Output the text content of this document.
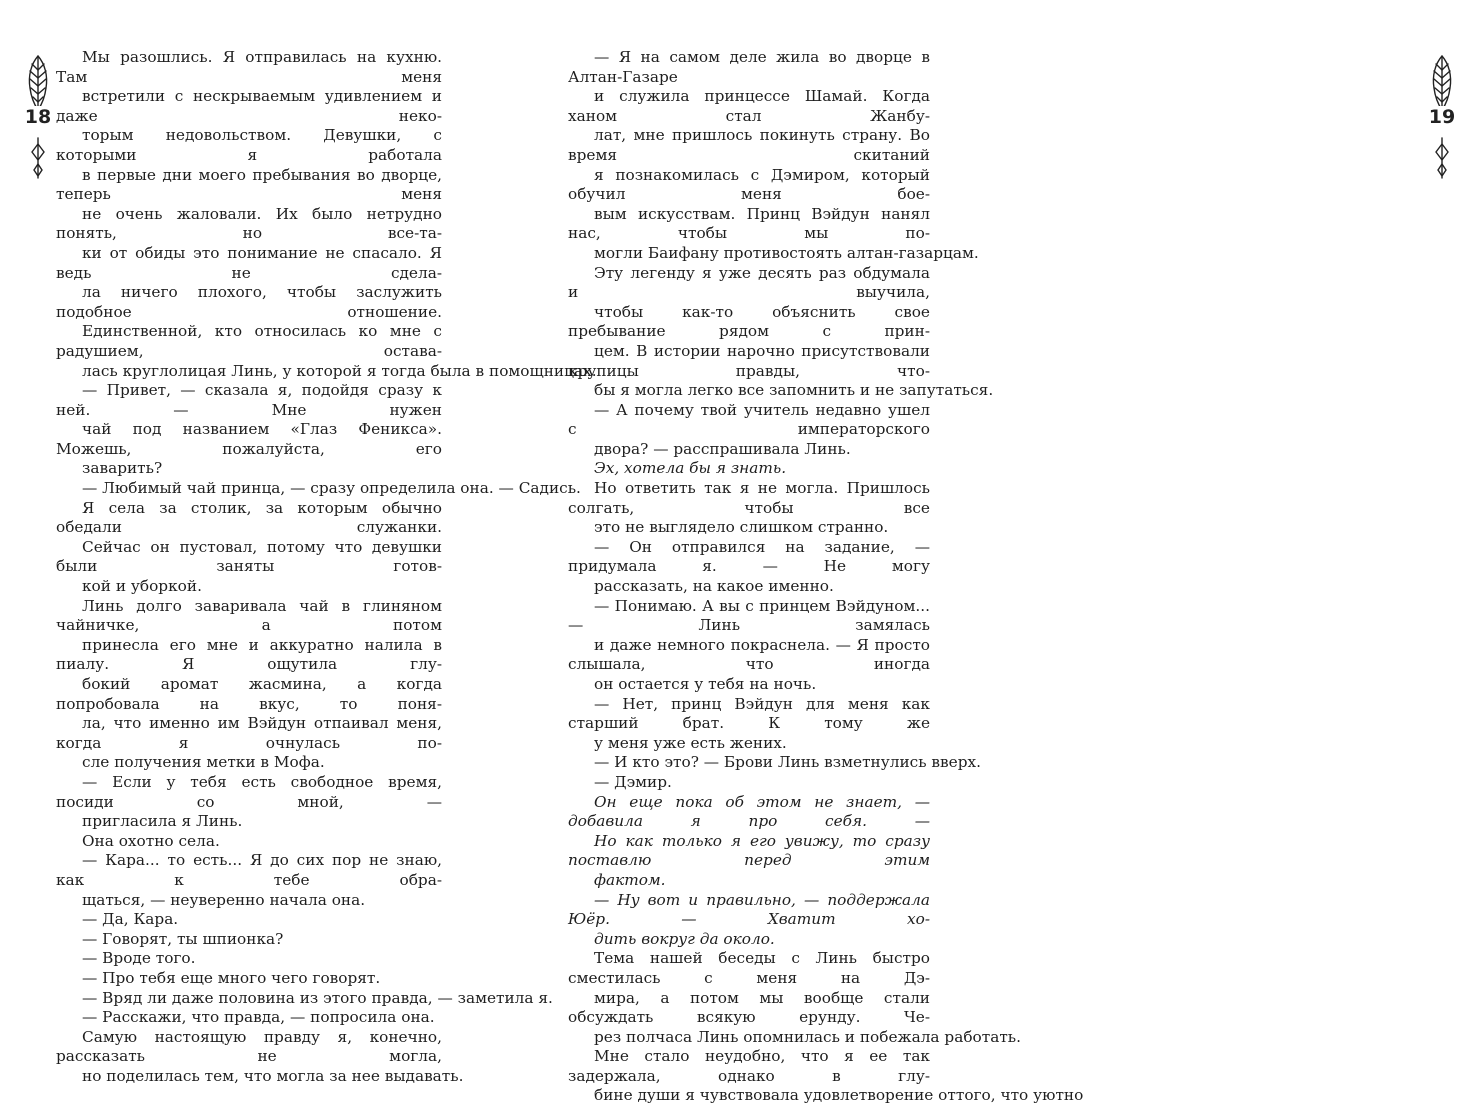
18

Мы разошлись. Я отправилась на кухню. Там меня
встретили с нескрываемым удивлением и даже неко-
торым недовольством. Девушки, с которыми я работала
в первые дни моего пребывания во дворце, теперь меня
не очень жаловали. Их было нетрудно понять, но все-та-
ки от обиды это понимание не спасало. Я ведь не сдела-
ла ничего плохого, чтобы заслужить подобное отношение.
Единственной, кто относилась ко мне с радушием, остава-
лась круглолицая Линь, у которой я тогда была в помощницах.

— Привет, — сказала я, подойдя сразу к ней. — Мне нужен
чай под названием «Глаз Феникса». Можешь, пожалуйста, его
заварить?

— Любимый чай принца, — сразу определила она. — Садись.

Я села за столик, за которым обычно обедали служанки.
Сейчас он пустовал, потому что девушки были заняты готов-
кой и уборкой.

Линь долго заваривала чай в глиняном чайничке, а потом
принесла его мне и аккуратно налила в пиалу. Я ощутила глу-
бокий аромат жасмина, а когда попробовала на вкус, то поня-
ла, что именно им Вэйдун отпаивал меня, когда я очнулась по-
сле получения метки в Мофа.

— Если у тебя есть свободное время, посиди со мной, —
пригласила я Линь.

Она охотно села.

— Кара... то есть... Я до сих пор не знаю, как к тебе обра-
щаться, — неуверенно начала она.

— Да, Кара.

— Говорят, ты шпионка?

— Вроде того.

— Про тебя еще много чего говорят.

— Вряд ли даже половина из этого правда, — заметила я.

— Расскажи, что правда, — попросила она.

Самую настоящую правду я, конечно, рассказать не могла,
но поделилась тем, что могла за нее выдавать.

19

— Я на самом деле жила во дворце в Алтан-Газаре
и служила принцессе Шамай. Когда ханом стал Жанбу-
лат, мне пришлось покинуть страну. Во время скитаний
я познакомилась с Дэмиром, который обучил меня бое-
вым искусствам. Принц Вэйдун нанял нас, чтобы мы по-
могли Баифану противостоять алтан-газарцам.

Эту легенду я уже десять раз обдумала и выучила,
чтобы как-то объяснить свое пребывание рядом с прин-
цем. В истории нарочно присутствовали крупицы правды, что-
бы я могла легко все запомнить и не запутаться.

— А почему твой учитель недавно ушел с императорского
двора? — расспрашивала Линь.

Эх, хотела бы я знать.

Но ответить так я не могла. Пришлось солгать, чтобы все
это не выглядело слишком странно.

— Он отправился на задание, — придумала я. — Не могу
рассказать, на какое именно.

— Понимаю. А вы с принцем Вэйдуном... — Линь замялась
и даже немного покраснела. — Я просто слышала, что иногда
он остается у тебя на ночь.

— Нет, принц Вэйдун для меня как старший брат. К тому же
у меня уже есть жених.

— И кто это? — Брови Линь взметнулись вверх.

— Дэмир.

Он еще пока об этом не знает, — добавила я про себя. —
Но как только я его увижу, то сразу поставлю перед этим
фактом.

— Ну вот и правильно, — поддержала Юёр. — Хватит хо-
дить вокруг да около.

Тема нашей беседы с Линь быстро сместилась с меня на Дэ-
мира, а потом мы вообще стали обсуждать всякую ерунду. Че-
рез полчаса Линь опомнилась и побежала работать.

Мне стало неудобно, что я ее так задержала, однако в глу-
бине души я чувствовала удовлетворение оттого, что уютно
